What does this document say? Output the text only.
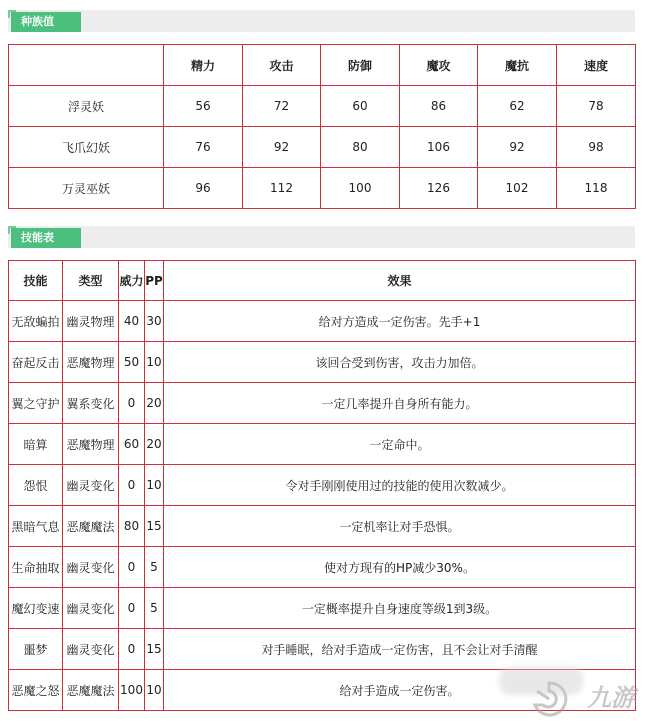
种族值
	精力	攻击	防御	魔攻	魔抗	速度
浮灵妖	56	72	60	86	62	78
飞爪幻妖	76	92	80	106	92	98
万灵巫妖	96	112	100	126	102	118
技能表
技能	类型	威力	PP	效果
无敌蝙拍	幽灵物理	40	30	给对方造成一定伤害。先手+1
奋起反击	恶魔物理	50	10	该回合受到伤害，攻击力加倍。
翼之守护	翼系变化	0	20	一定几率提升自身所有能力。
暗算	恶魔物理	60	20	一定命中。
怨恨	幽灵变化	0	10	令对手刚刚使用过的技能的使用次数减少。
黑暗气息	恶魔魔法	80	15	一定机率让对手恐惧。
生命抽取	幽灵变化	0	5	使对方现有的HP减少30%。
魔幻变速	幽灵变化	0	5	一定概率提升自身速度等级1到3级。
噩梦	幽灵变化	0	15	对手睡眠，给对手造成一定伤害，且不会让对手清醒
恶魔之怒	恶魔魔法	100	10	给对手造成一定伤害。	九游
